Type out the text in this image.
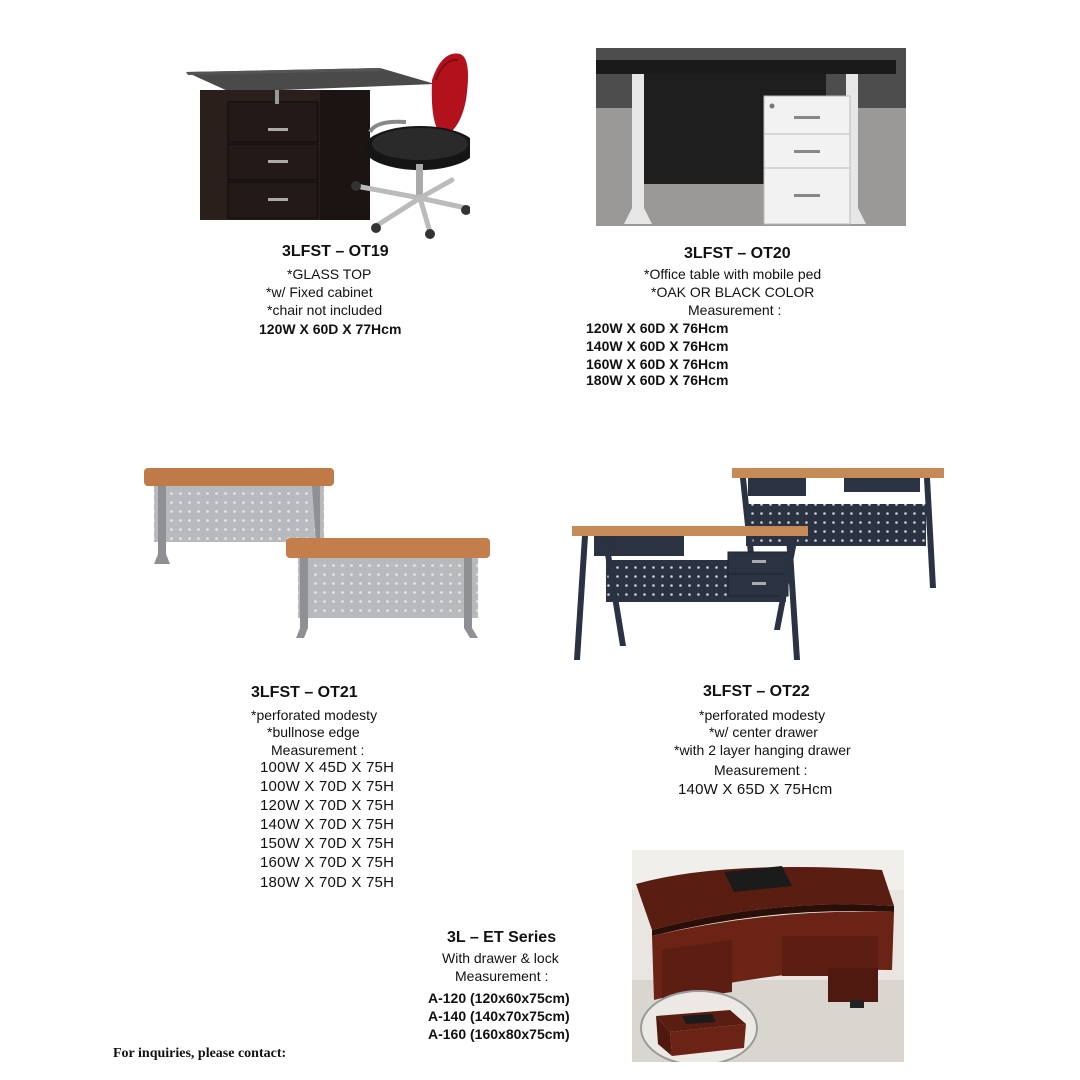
3LFST – OT19
*GLASS TOP
*w/ Fixed cabinet
*chair not included
120W X 60D X 77Hcm
3LFST – OT20
*Office table with mobile ped
*OAK OR BLACK COLOR
Measurement :
120W X 60D X 76Hcm
140W X 60D X 76Hcm
160W X 60D X 76Hcm
180W X 60D X 76Hcm
3LFST – OT21
*perforated modesty
*bullnose edge
Measurement :
100W X 45D X 75H
100W X 70D X 75H
120W X 70D X 75H
140W X 70D X 75H
150W X 70D X 75H
160W X 70D X 75H
180W X 70D X 75H
3LFST – OT22
*perforated modesty
*w/ center drawer
*with 2 layer hanging drawer
Measurement :
140W X 65D X 75Hcm
3L – ET Series
With drawer & lock
Measurement :
A-120 (120x60x75cm)
A-140 (140x70x75cm)
A-160 (160x80x75cm)
For inquiries, please contact:
